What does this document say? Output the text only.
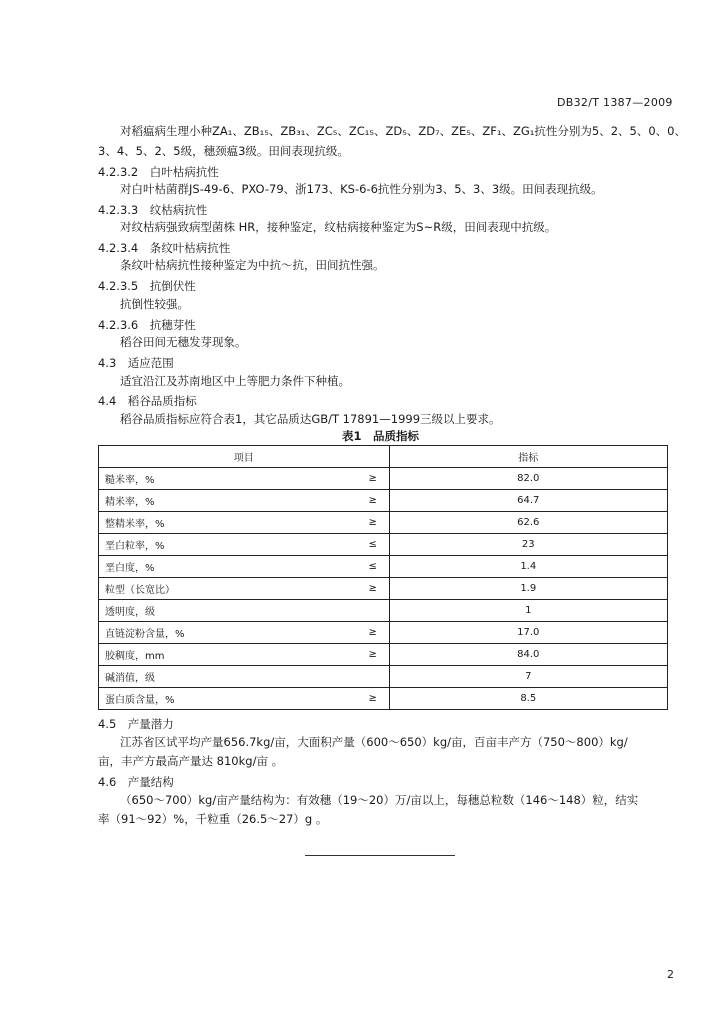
DB32/T 1387—2009
对稻瘟病生理小种ZA₁、ZB₁₅、ZB₃₁、ZC₅、ZC₁₅、ZD₅、ZD₇、ZE₅、ZF₁、ZG₁抗性分别为5、2、5、0、0、
3、4、5、2、5级，穗颈瘟3级。田间表现抗级。
4.2.3.2　白叶枯病抗性
对白叶枯菌群JS-49-6、PXO-79、浙173、KS-6-6抗性分别为3、5、3、3级。田间表现抗级。
4.2.3.3　纹枯病抗性
对纹枯病强致病型菌株 HR，接种鉴定，纹枯病接种鉴定为S~R级，田间表现中抗级。
4.2.3.4　条纹叶枯病抗性
条纹叶枯病抗性接种鉴定为中抗～抗，田间抗性强。
4.2.3.5　抗倒伏性
抗倒性较强。
4.2.3.6　抗穗芽性
稻谷田间无穗发芽现象。
4.3　适应范围
适宜沿江及苏南地区中上等肥力条件下种植。
4.4　稻谷品质指标
稻谷品质指标应符合表1，其它品质达GB/T 17891—1999三级以上要求。
表1　品质指标
4.5　产量潜力
江苏省区试平均产量656.7kg/亩，大面积产量（600～650）kg/亩，百亩丰产方（750～800）kg/
亩，丰产方最高产量达 810kg/亩 。
4.6　产量结构
（650～700）kg/亩产量结构为：有效穗（19～20）万/亩以上，每穗总粒数（146～148）粒，结实
率（91～92）%，千粒重（26.5～27）g 。
项目		指标
糙米率，%	≥	82.0
精米率，%	≥	64.7
整精米率，%	≥	62.6
垩白粒率，%	≤	23
垩白度，%	≤	1.4
粒型（长宽比）	≥	1.9
透明度，级		1
直链淀粉含量，%	≥	17.0
胶稠度，mm	≥	84.0
碱消值，级		7
蛋白质含量，%	≥	8.5
2
